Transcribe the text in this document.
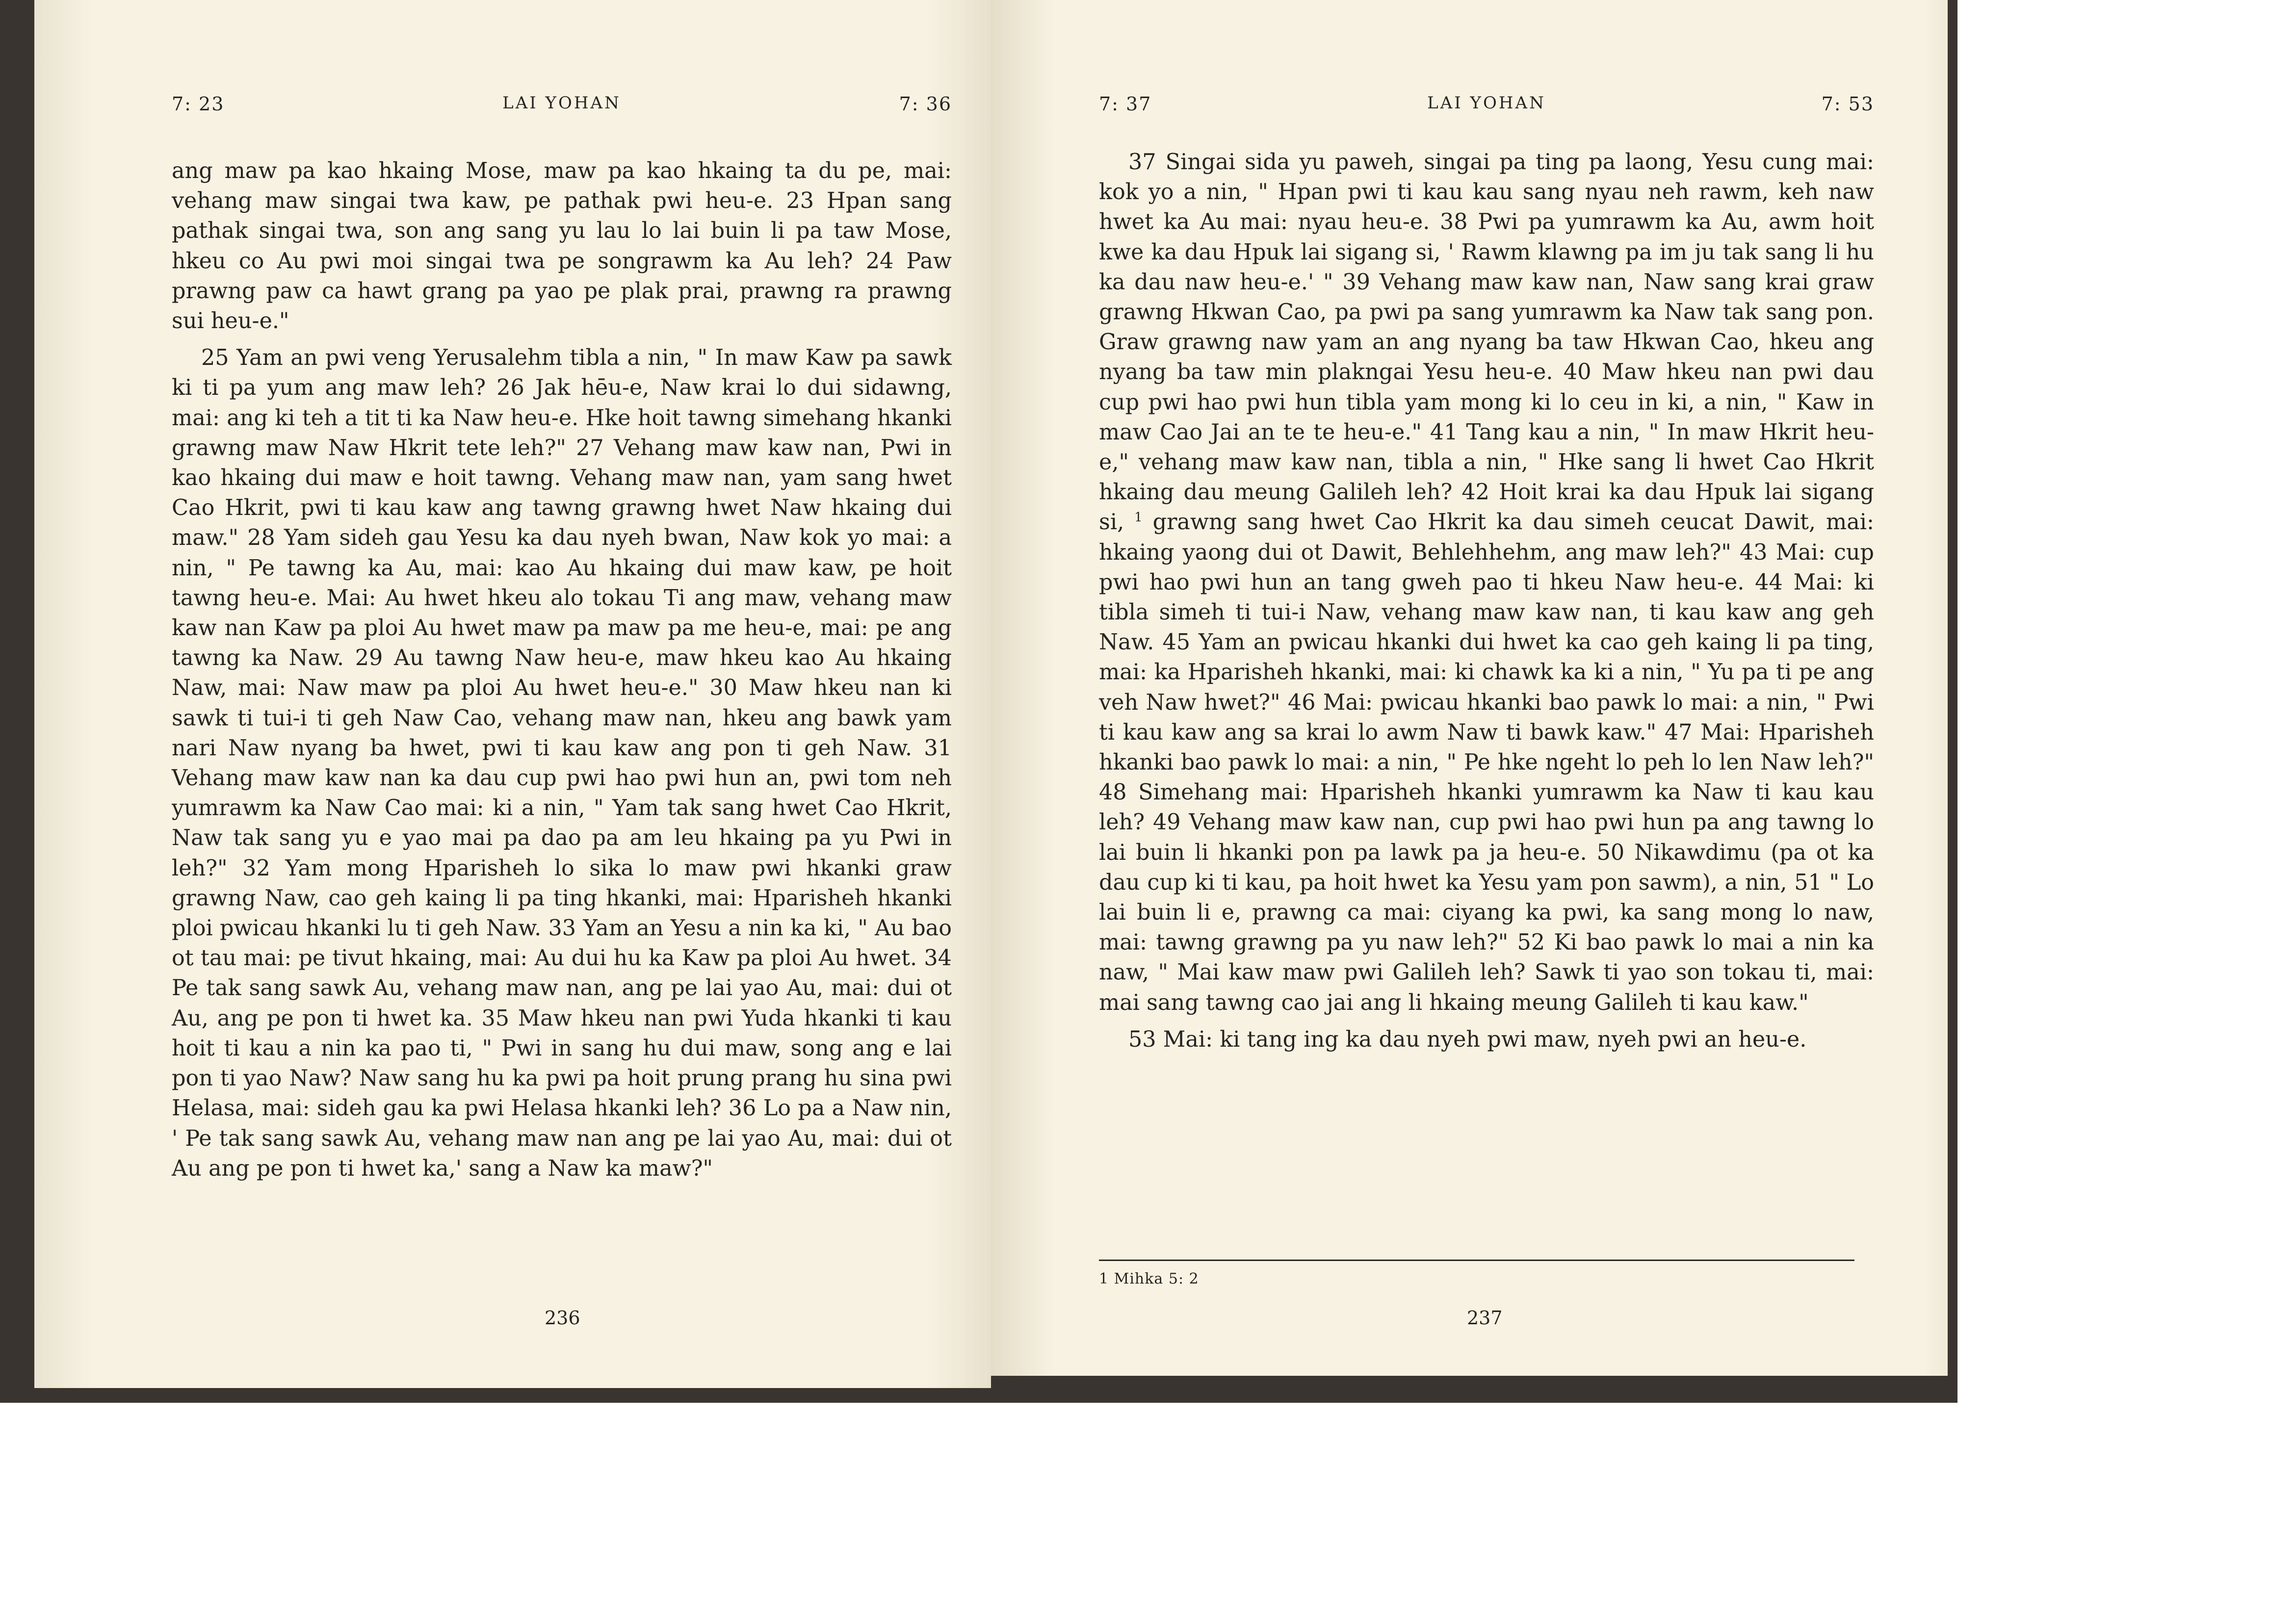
7: 23	LAI YOHAN	7: 36

ang maw pa kao hkaing Mose, maw pa kao hkaing ta du pe, mai: vehang maw singai twa kaw, pe pathak pwi heu-e. 23 Hpan sang pathak singai twa, son ang sang yu lau lo lai buin li pa taw Mose, hkeu co Au pwi moi singai twa pe songrawm ka Au leh? 24 Paw prawng paw ca hawt grang pa yao pe plak prai, prawng ra prawng sui heu-e."

25 Yam an pwi veng Yerusalehm tibla a nin, " In maw Kaw pa sawk ki ti pa yum ang maw leh? 26 Jak hēu-e, Naw krai lo dui sidawng, mai: ang ki teh a tit ti ka Naw heu-e. Hke hoit tawng simehang hkanki grawng maw Naw Hkrit tete leh?" 27 Vehang maw kaw nan, Pwi in kao hkaing dui maw e hoit tawng. Vehang maw nan, yam sang hwet Cao Hkrit, pwi ti kau kaw ang tawng grawng hwet Naw hkaing dui maw." 28 Yam sideh gau Yesu ka dau nyeh bwan, Naw kok yo mai: a nin, " Pe tawng ka Au, mai: kao Au hkaing dui maw kaw, pe hoit tawng heu-e. Mai: Au hwet hkeu alo tokau Ti ang maw, vehang maw kaw nan Kaw pa ploi Au hwet maw pa maw pa me heu-e, mai: pe ang tawng ka Naw. 29 Au tawng Naw heu-e, maw hkeu kao Au hkaing Naw, mai: Naw maw pa ploi Au hwet heu-e." 30 Maw hkeu nan ki sawk ti tui-i ti geh Naw Cao, vehang maw nan, hkeu ang bawk yam nari Naw nyang ba hwet, pwi ti kau kaw ang pon ti geh Naw. 31 Vehang maw kaw nan ka dau cup pwi hao pwi hun an, pwi tom neh yumrawm ka Naw Cao mai: ki a nin, " Yam tak sang hwet Cao Hkrit, Naw tak sang yu e yao mai pa dao pa am leu hkaing pa yu Pwi in leh?" 32 Yam mong Hparisheh lo sika lo maw pwi hkanki graw grawng Naw, cao geh kaing li pa ting hkanki, mai: Hparisheh hkanki ploi pwicau hkanki lu ti geh Naw. 33 Yam an Yesu a nin ka ki, " Au bao ot tau mai: pe tivut hkaing, mai: Au dui hu ka Kaw pa ploi Au hwet. 34 Pe tak sang sawk Au, vehang maw nan, ang pe lai yao Au, mai: dui ot Au, ang pe pon ti hwet ka. 35 Maw hkeu nan pwi Yuda hkanki ti kau hoit ti kau a nin ka pao ti, " Pwi in sang hu dui maw, song ang e lai pon ti yao Naw? Naw sang hu ka pwi pa hoit prung prang hu sina pwi Helasa, mai: sideh gau ka pwi Helasa hkanki leh? 36 Lo pa a Naw nin, ' Pe tak sang sawk Au, vehang maw nan ang pe lai yao Au, mai: dui ot Au ang pe pon ti hwet ka,' sang a Naw ka maw?"

236
7: 37	LAI YOHAN	7: 53

37 Singai sida yu paweh, singai pa ting pa laong, Yesu cung mai: kok yo a nin, " Hpan pwi ti kau kau sang nyau neh rawm, keh naw hwet ka Au mai: nyau heu-e. 38 Pwi pa yumrawm ka Au, awm hoit kwe ka dau Hpuk lai sigang si, ' Rawm klawng pa im ju tak sang li hu ka dau naw heu-e.' " 39 Vehang maw kaw nan, Naw sang krai graw grawng Hkwan Cao, pa pwi pa sang yumrawm ka Naw tak sang pon. Graw grawng naw yam an ang nyang ba taw Hkwan Cao, hkeu ang nyang ba taw min plakngai Yesu heu-e. 40 Maw hkeu nan pwi dau cup pwi hao pwi hun tibla yam mong ki lo ceu in ki, a nin, " Kaw in maw Cao Jai an te te heu-e." 41 Tang kau a nin, " In maw Hkrit heu-e," vehang maw kaw nan, tibla a nin, " Hke sang li hwet Cao Hkrit hkaing dau meung Galileh leh? 42 Hoit krai ka dau Hpuk lai sigang si, $^1$ grawng sang hwet Cao Hkrit ka dau simeh ceucat Dawit, mai: hkaing yaong dui ot Dawit, Behlehhehm, ang maw leh?" 43 Mai: cup pwi hao pwi hun an tang gweh pao ti hkeu Naw heu-e. 44 Mai: ki tibla simeh ti tui-i Naw, vehang maw kaw nan, ti kau kaw ang geh Naw. 45 Yam an pwicau hkanki dui hwet ka cao geh kaing li pa ting, mai: ka Hparisheh hkanki, mai: ki chawk ka ki a nin, " Yu pa ti pe ang veh Naw hwet?" 46 Mai: pwicau hkanki bao pawk lo mai: a nin, " Pwi ti kau kaw ang sa krai lo awm Naw ti bawk kaw." 47 Mai: Hparisheh hkanki bao pawk lo mai: a nin, " Pe hke ngeht lo peh lo len Naw leh?" 48 Simehang mai: Hparisheh hkanki yumrawm ka Naw ti kau kau leh? 49 Vehang maw kaw nan, cup pwi hao pwi hun pa ang tawng lo lai buin li hkanki pon pa lawk pa ja heu-e. 50 Nikawdimu (pa ot ka dau cup ki ti kau, pa hoit hwet ka Yesu yam pon sawm), a nin, 51 " Lo lai buin li e, prawng ca mai: ciyang ka pwi, ka sang mong lo naw, mai: tawng grawng pa yu naw leh?" 52 Ki bao pawk lo mai a nin ka naw, " Mai kaw maw pwi Galileh leh? Sawk ti yao son tokau ti, mai: mai sang tawng cao jai ang li hkaing meung Galileh ti kau kaw."

53 Mai: ki tang ing ka dau nyeh pwi maw, nyeh pwi an heu-e.

1 Mihka 5: 2
237
